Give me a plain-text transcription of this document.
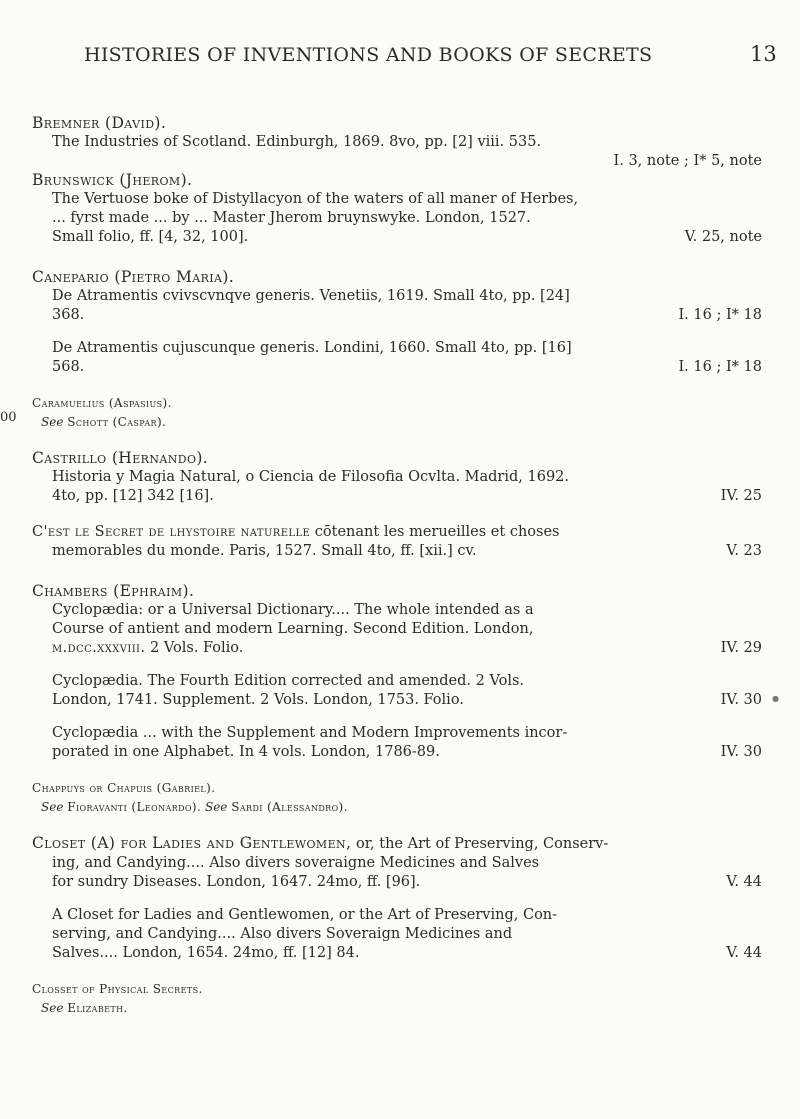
HISTORIES OF INVENTIONS AND BOOKS OF SECRETS	13
00
●
Bremner (David).
The Industries of Scotland. Edinburgh, 1869. 8vo, pp. [2] viii. 535.
I. 3, note ; I* 5, note
Brunswick (Jherom).
The Vertuose boke of Distyllacyon of the waters of all maner of Herbes,
... fyrst made ... by ... Master Jherom bruynswyke. London, 1527.
Small folio, ff. [4, 32, 100].	V. 25, note
Canepario (Pietro Maria).
De Atramentis cvivscvnqve generis. Venetiis, 1619. Small 4to, pp. [24]
368.	I. 16 ; I* 18
De Atramentis cujuscunque generis. Londini, 1660. Small 4to, pp. [16]
568.	I. 16 ; I* 18
Caramuelius (Aspasius).
See Schott (Caspar).
Castrillo (Hernando).
Historia y Magia Natural, o Ciencia de Filosofia Ocvlta. Madrid, 1692.
4to, pp. [12] 342 [16].	IV. 25
C'est le Secret de lhystoire naturelle cōtenant les merueilles et choses
memorables du monde. Paris, 1527. Small 4to, ff. [xii.] cv.	V. 23
Chambers (Ephraim).
Cyclopædia: or a Universal Dictionary.... The whole intended as a
Course of antient and modern Learning. Second Edition. London,
m.dcc.xxxviii. 2 Vols. Folio.	IV. 29
Cyclopædia. The Fourth Edition corrected and amended. 2 Vols.
London, 1741. Supplement. 2 Vols. London, 1753. Folio.	IV. 30
Cyclopædia ... with the Supplement and Modern Improvements incor-
porated in one Alphabet. In 4 vols. London, 1786-89.	IV. 30
Chappuys or Chapuis (Gabriel).
See Fioravanti (Leonardo). See Sardi (Alessandro).
Closet (A) for Ladies and Gentlewomen, or, the Art of Preserving, Conserv-
ing, and Candying.... Also divers soveraigne Medicines and Salves
for sundry Diseases. London, 1647. 24mo, ff. [96].	V. 44
A Closet for Ladies and Gentlewomen, or the Art of Preserving, Con-
serving, and Candying.... Also divers Soveraign Medicines and
Salves.... London, 1654. 24mo, ff. [12] 84.	V. 44
Closset of Physical Secrets.
See Elizabeth.
